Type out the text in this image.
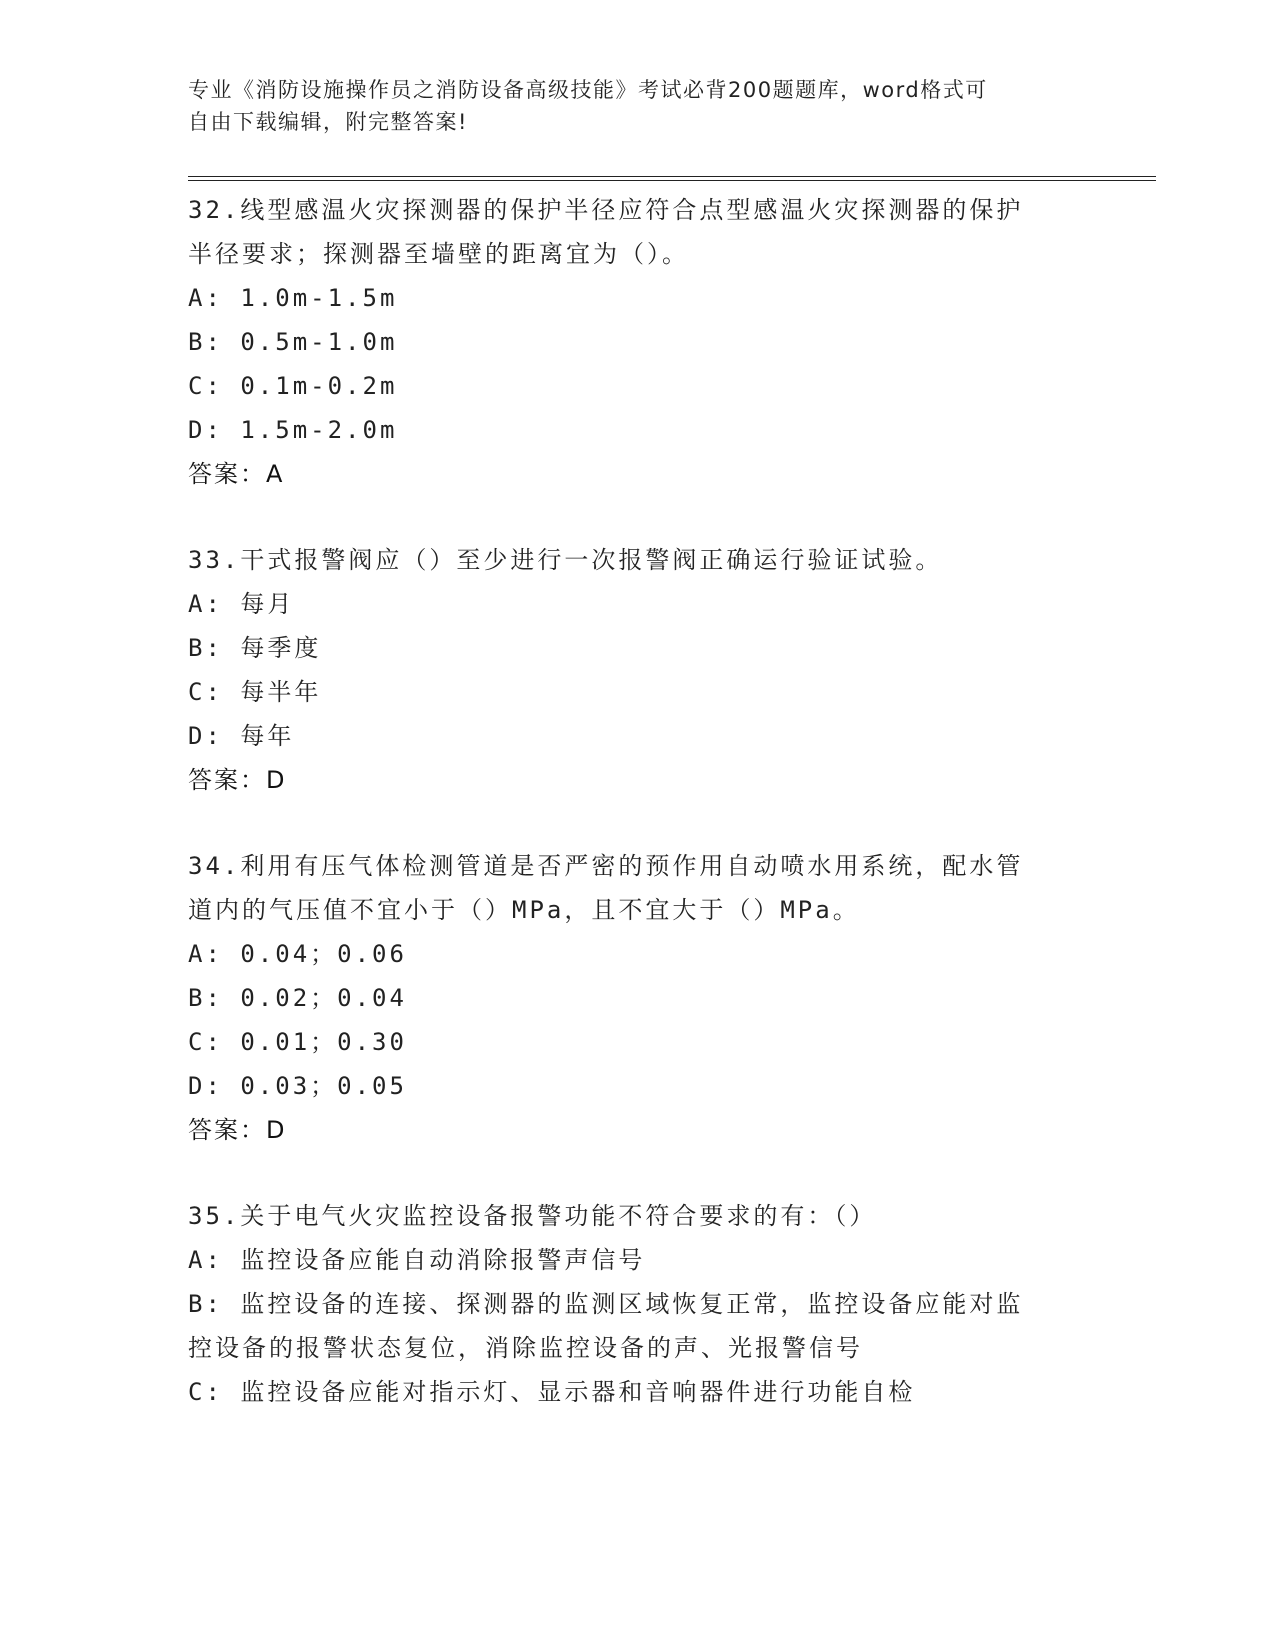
专业《消防设施操作员之消防设备高级技能》考试必背200题题库，word格式可
自由下载编辑，附完整答案!

32.线型感温火灾探测器的保护半径应符合点型感温火灾探测器的保护

半径要求；探测器至墙壁的距离宜为（）。

A: 1.0m-1.5m

B: 0.5m-1.0m

C: 0.1m-0.2m

D: 1.5m-2.0m

答案：A

33.干式报警阀应（）至少进行一次报警阀正确运行验证试验。

A: 每月

B: 每季度

C: 每半年

D: 每年

答案：D

34.利用有压气体检测管道是否严密的预作用自动喷水用系统，配水管

道内的气压值不宜小于（）MPa，且不宜大于（）MPa。

A: 0.04；0.06

B: 0.02；0.04

C: 0.01；0.30

D: 0.03；0.05

答案：D

35.关于电气火灾监控设备报警功能不符合要求的有：（）

A: 监控设备应能自动消除报警声信号

B: 监控设备的连接、探测器的监测区域恢复正常，监控设备应能对监

控设备的报警状态复位，消除监控设备的声、光报警信号

C: 监控设备应能对指示灯、显示器和音响器件进行功能自检
